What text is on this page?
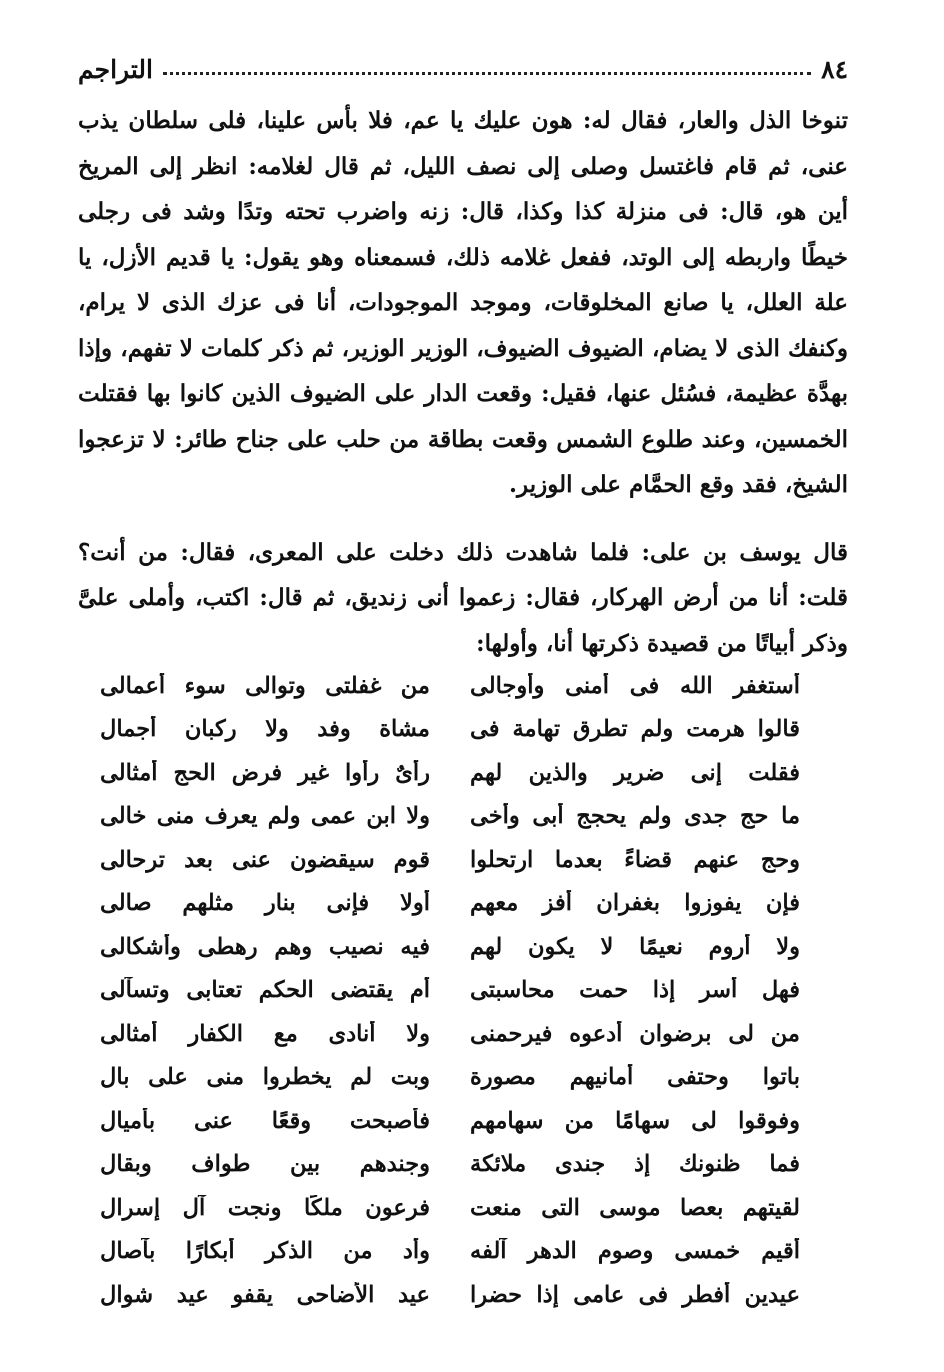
٨٤
التراجم

تنوخا الذل والعار، فقال له: هون عليك يا عم، فلا بأس علينا، فلى سلطان يذب عنى، ثم قام فاغتسل وصلى إلى نصف الليل، ثم قال لغلامه: انظر إلى المريخ أين هو، قال: فى منزلة كذا وكذا، قال: زنه واضرب تحته وتدًا وشد فى رجلى خيطًا واربطه إلى الوتد، ففعل غلامه ذلك، فسمعناه وهو يقول: يا قديم الأزل، يا علة العلل، يا صانع المخلوقات، وموجد الموجودات، أنا فى عزك الذى لا يرام، وكنفك الذى لا يضام، الضيوف الضيوف، الوزير الوزير، ثم ذكر كلمات لا تفهم، وإذا بهدَّة عظيمة، فسُئل عنها، فقيل: وقعت الدار على الضيوف الذين كانوا بها فقتلت الخمسين، وعند طلوع الشمس وقعت بطاقة من حلب على جناح طائر: لا تزعجوا الشيخ، فقد وقع الحمَّام على الوزير.

قال يوسف بن على: فلما شاهدت ذلك دخلت على المعرى، فقال: من أنت؟ قلت: أنا من أرض الهركار، فقال: زعموا أنى زنديق، ثم قال: اكتب، وأملى علىَّ وذكر أبياتًا من قصيدة ذكرتها أنا، وأولها:

أستغفر الله فى أمنى وأوجالى
من غفلتى وتوالى سوء أعمالى
قالوا هرمت ولم تطرق تهامة فى
مشاة وفد ولا ركبان أجمال
فقلت إنى ضرير والذين لهم
رأىٌ رأوا غير فرض الحج أمثالى
ما حج جدى ولم يحجج أبى وأخى
ولا ابن عمى ولم يعرف منى خالى
وحج عنهم قضاءً بعدما ارتحلوا
قوم سيقضون عنى بعد ترحالى
فإن يفوزوا بغفران أفز معهم
أولا فإنى بنار مثلهم صالى
ولا أروم نعيمًا لا يكون لهم
فيه نصيب وهم رهطى وأشكالى
فهل أسر إذا حمت محاسبتى
أم يقتضى الحكم تعتابى وتسآلى
من لى برضوان أدعوه فيرحمنى
ولا أنادى مع الكفار أمثالى
باتوا وحتفى أمانيهم مصورة
وبت لم يخطروا منى على بال
وفوقوا لى سهامًا من سهامهم
فأصبحت وقعًا عنى بأميال
فما ظنونك إذ جندى ملائكة
وجندهم بين طواف وبقال
لقيتهم بعصا موسى التى منعت
فرعون ملكًا ونجت آل إسرال
أقيم خمسى وصوم الدهر آلفه
وأد من الذكر أبكارًا بآصال
عيدين أفطر فى عامى إذا حضرا
عيد الأضاحى يقفو عيد شوال
